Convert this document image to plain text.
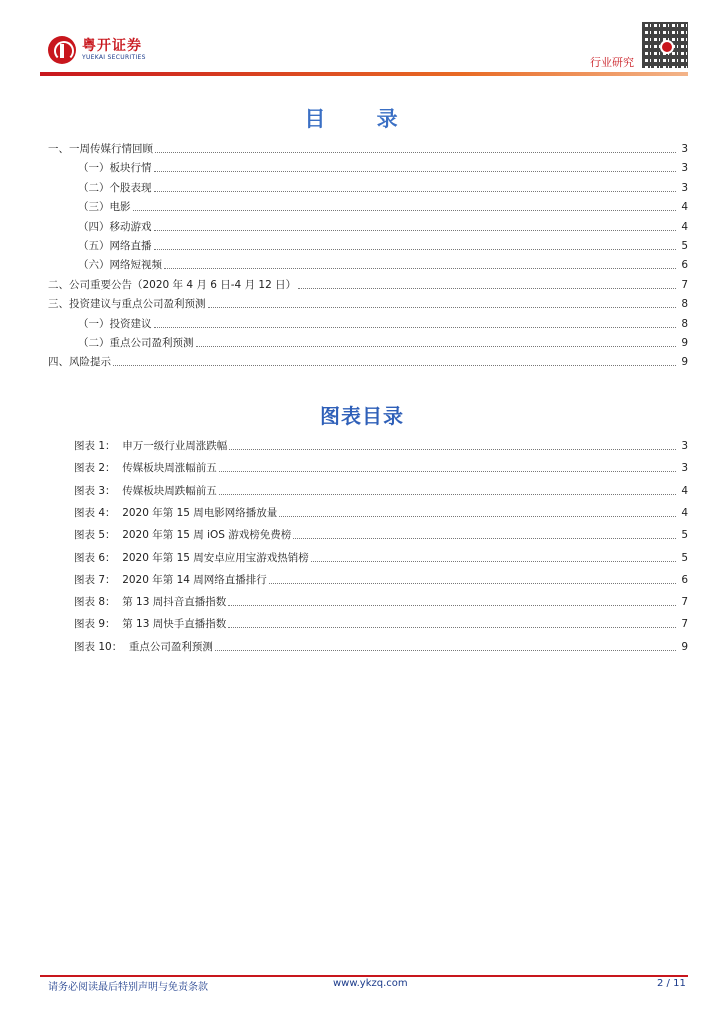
粤开证券
YUEKAI SECURITIES	行业研究
目 录
一、一周传媒行情回顾	3
（一）板块行情	3
（二）个股表现	3
（三）电影	4
（四）移动游戏	4
（五）网络直播	5
（六）网络短视频	6
二、公司重要公告（2020 年 4 月 6 日-4 月 12 日）	7
三、投资建议与重点公司盈利预测	8
（一）投资建议	8
（二）重点公司盈利预测	9
四、风险提示	9
图表目录
图表 1：  申万一级行业周涨跌幅	3
图表 2：  传媒板块周涨幅前五	3
图表 3：  传媒板块周跌幅前五	4
图表 4：  2020 年第 15 周电影网络播放量	4
图表 5：  2020 年第 15 周 iOS 游戏榜免费榜	5
图表 6：  2020 年第 15 周安卓应用宝游戏热销榜	5
图表 7：  2020 年第 14 周网络直播排行	6
图表 8：  第 13 周抖音直播指数	7
图表 9：  第 13 周快手直播指数	7
图表 10：  重点公司盈利预测	9
请务必阅读最后特别声明与免责条款	www.ykzq.com	2 / 11
